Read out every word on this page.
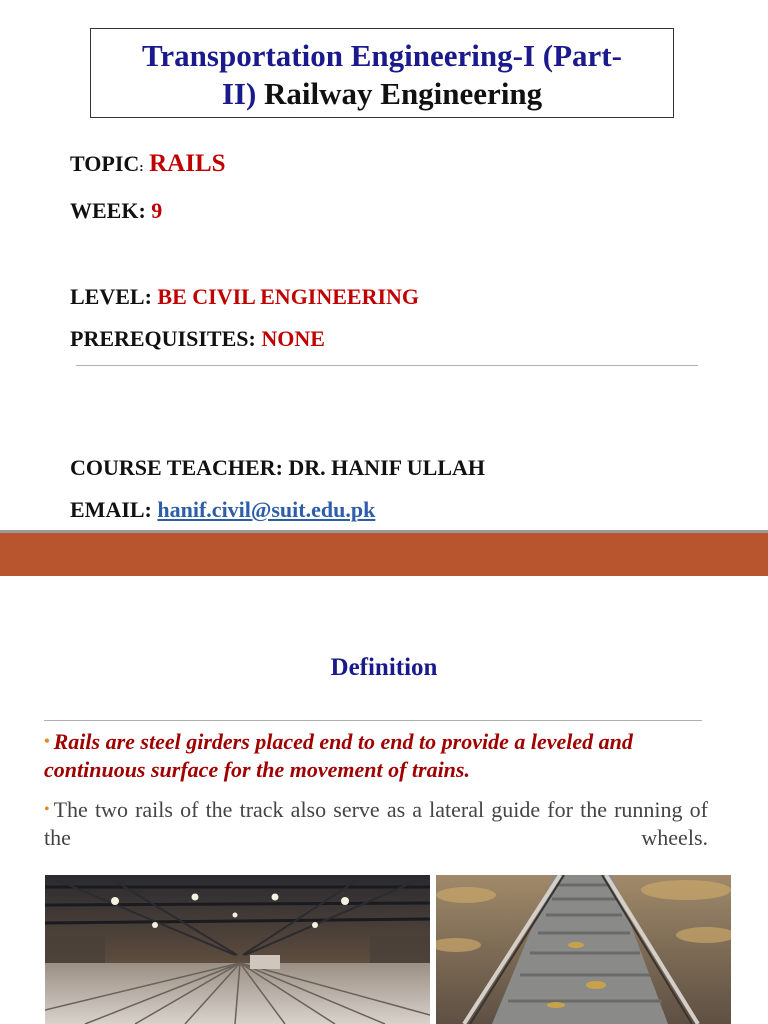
Transportation Engineering-I (Part-
II) Railway Engineering
TOPIC: RAILS
WEEK: 9
LEVEL: BE CIVIL ENGINEERING
PREREQUISITES: NONE
COURSE TEACHER: DR. HANIF ULLAH
EMAIL: hanif.civil@suit.edu.pk
Definition
• Rails are steel girders placed end to end to provide a leveled and continuous surface for the movement of trains.
• The two rails of the track also serve as a lateral guide for the running of the wheels.
